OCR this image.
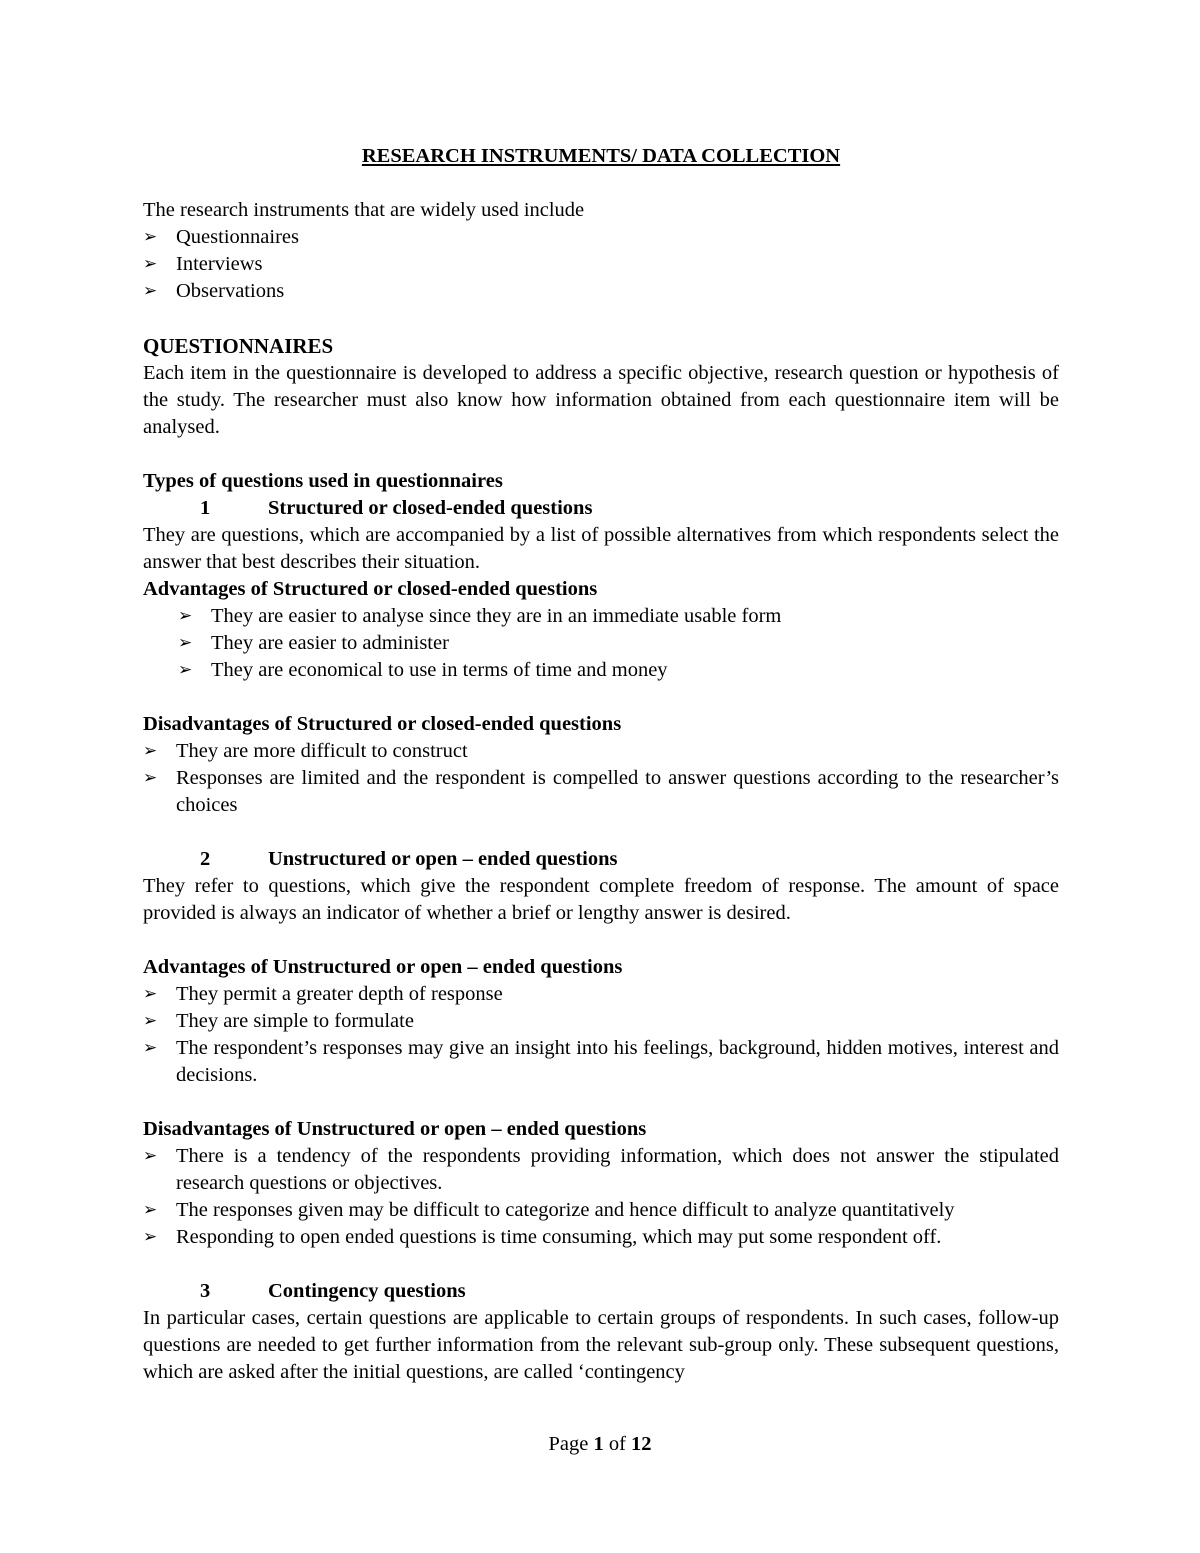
RESEARCH INSTRUMENTS/ DATA COLLECTION

The research instruments that are widely used include

➢ Questionnaires
➢ Interviews
➢ Observations
QUESTIONNAIRES

Each item in the questionnaire is developed to address a specific objective, research question or hypothesis of the study. The researcher must also know how information obtained from each questionnaire item will be analysed.

Types of questions used in questionnaires

1	Structured or closed-ended questions

They are questions, which are accompanied by a list of possible alternatives from which respondents select the answer that best describes their situation.

Advantages of Structured or closed-ended questions

➢ They are easier to analyse since they are in an immediate usable form
➢ They are easier to administer
➢ They are economical to use in terms of time and money

Disadvantages of Structured or closed-ended questions

➢ They are more difficult to construct
➢ Responses are limited and the respondent is compelled to answer questions according to the researcher’s choices

2	Unstructured or open – ended questions

They refer to questions, which give the respondent complete freedom of response. The amount of space provided is always an indicator of whether a brief or lengthy answer is desired.

Advantages of Unstructured or open – ended questions

➢ They permit a greater depth of response
➢ They are simple to formulate
➢ The respondent’s responses may give an insight into his feelings, background, hidden motives, interest and decisions.

Disadvantages of Unstructured or open – ended questions

➢ There is a tendency of the respondents providing information, which does not answer the stipulated research questions or objectives.
➢ The responses given may be difficult to categorize and hence difficult to analyze quantitatively
➢ Responding to open ended questions is time consuming, which may put some respondent off.

3	Contingency questions

In particular cases, certain questions are applicable to certain groups of respondents. In such cases, follow-up questions are needed to get further information from the relevant sub-group only. These subsequent questions, which are asked after the initial questions, are called ‘contingency

Page 1 of 12
